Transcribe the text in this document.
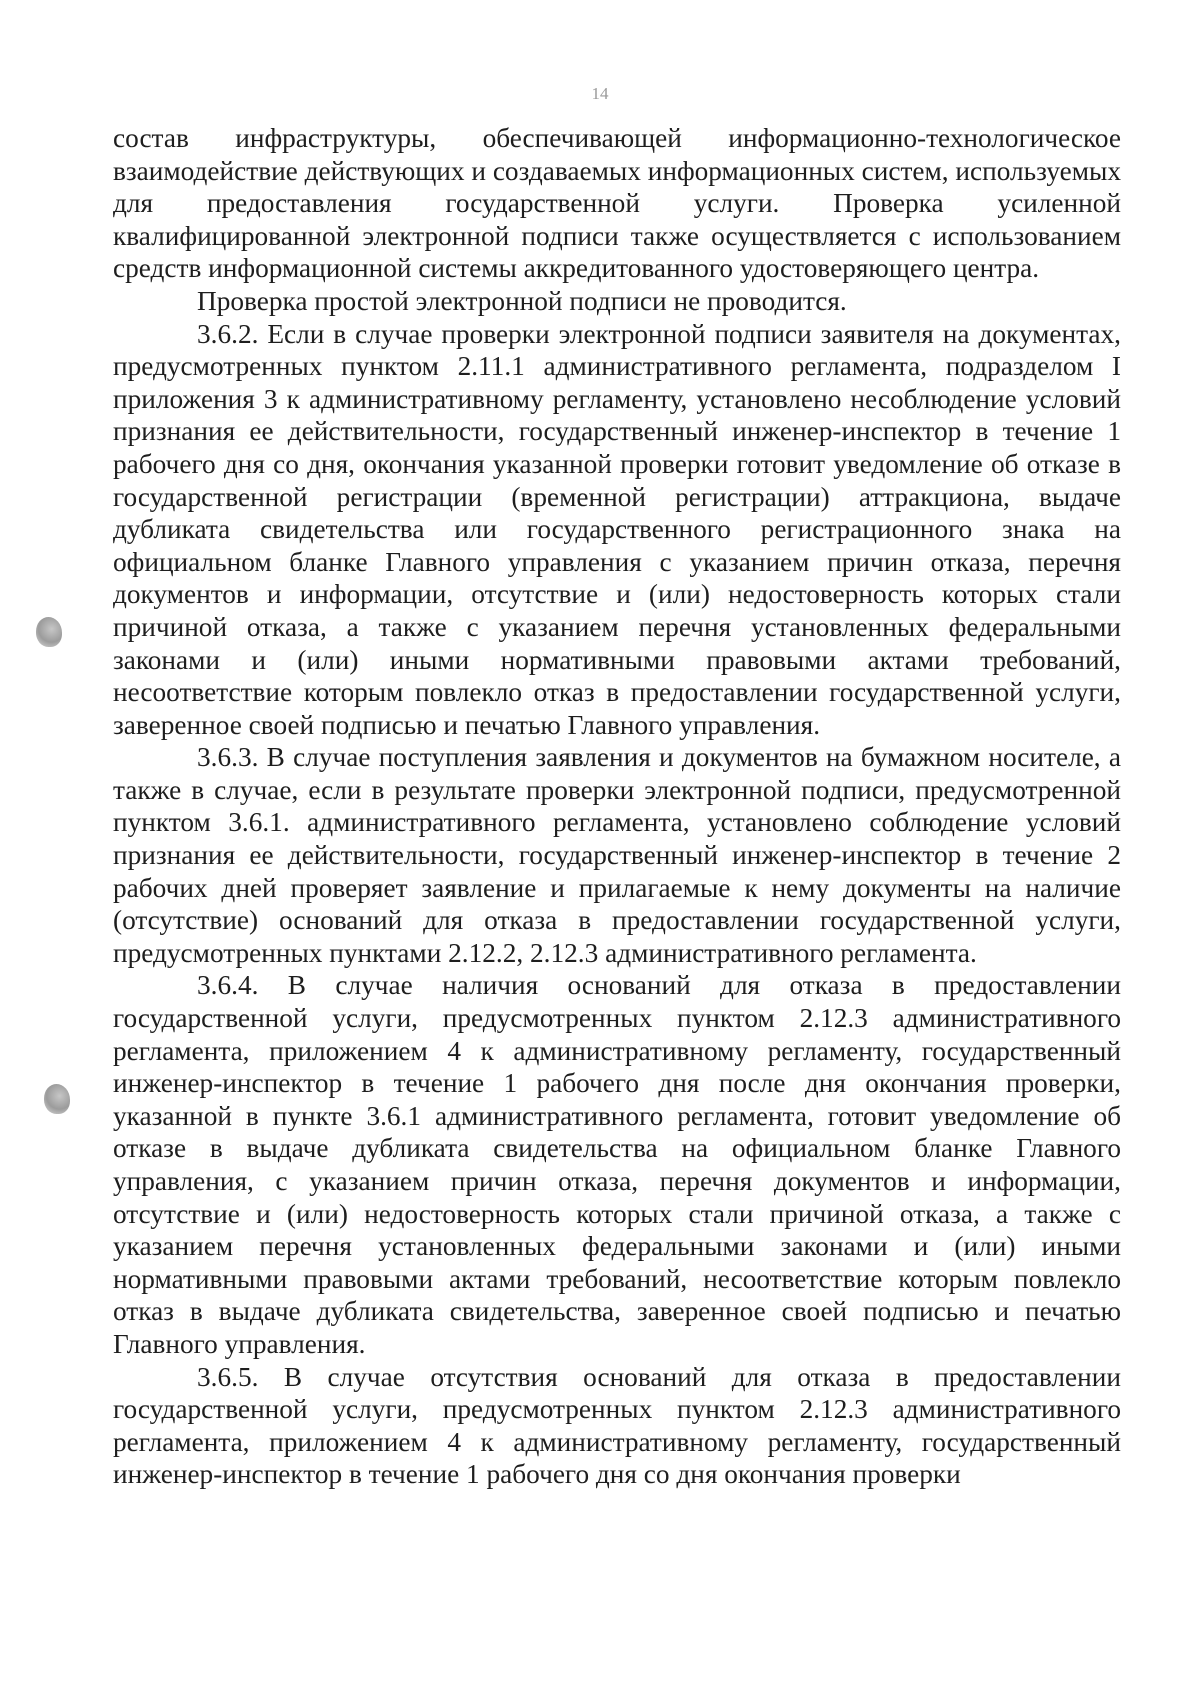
14

состав инфраструктуры, обеспечивающей информационно-технологическое взаимодействие действующих и создаваемых информационных систем, используемых для предоставления государственной услуги. Проверка усиленной квалифицированной электронной подписи также осуществляется с использованием средств информационной системы аккредитованного удостоверяющего центра.

Проверка простой электронной подписи не проводится.

3.6.2. Если в случае проверки электронной подписи заявителя на документах, предусмотренных пунктом 2.11.1 административного регламента, подразделом I приложения 3 к административному регламенту, установлено несоблюдение условий признания ее действительности, государственный инженер-инспектор в течение 1 рабочего дня со дня, окончания указанной проверки готовит уведомление об отказе в государственной регистрации (временной регистрации) аттракциона, выдаче дубликата свидетельства или государственного регистрационного знака на официальном бланке Главного управления с указанием причин отказа, перечня документов и информации, отсутствие и (или) недостоверность которых стали причиной отказа, а также с указанием перечня установленных федеральными законами и (или) иными нормативными правовыми актами требований, несоответствие которым повлекло отказ в предоставлении государственной услуги, заверенное своей подписью и печатью Главного управления.

3.6.3. В случае поступления заявления и документов на бумажном носителе, а также в случае, если в результате проверки электронной подписи, предусмотренной пунктом 3.6.1. административного регламента, установлено соблюдение условий признания ее действительности, государственный инженер-инспектор в течение 2 рабочих дней проверяет заявление и прилагаемые к нему документы на наличие (отсутствие) оснований для отказа в предоставлении государственной услуги, предусмотренных пунктами 2.12.2, 2.12.3 административного регламента.

3.6.4. В случае наличия оснований для отказа в предоставлении государственной услуги, предусмотренных пунктом 2.12.3 административного регламента, приложением 4 к административному регламенту, государственный инженер-инспектор в течение 1 рабочего дня после дня окончания проверки, указанной в пункте 3.6.1 административного регламента, готовит уведомление об отказе в выдаче дубликата свидетельства на официальном бланке Главного управления, с указанием причин отказа, перечня документов и информации, отсутствие и (или) недостоверность которых стали причиной отказа, а также с указанием перечня установленных федеральными законами и (или) иными нормативными правовыми актами требований, несоответствие которым повлекло отказ в выдаче дубликата свидетельства, заверенное своей подписью и печатью Главного управления.

3.6.5. В случае отсутствия оснований для отказа в предоставлении государственной услуги, предусмотренных пунктом 2.12.3 административного регламента, приложением 4 к административному регламенту, государственный инженер-инспектор в течение 1 рабочего дня со дня окончания проверки
